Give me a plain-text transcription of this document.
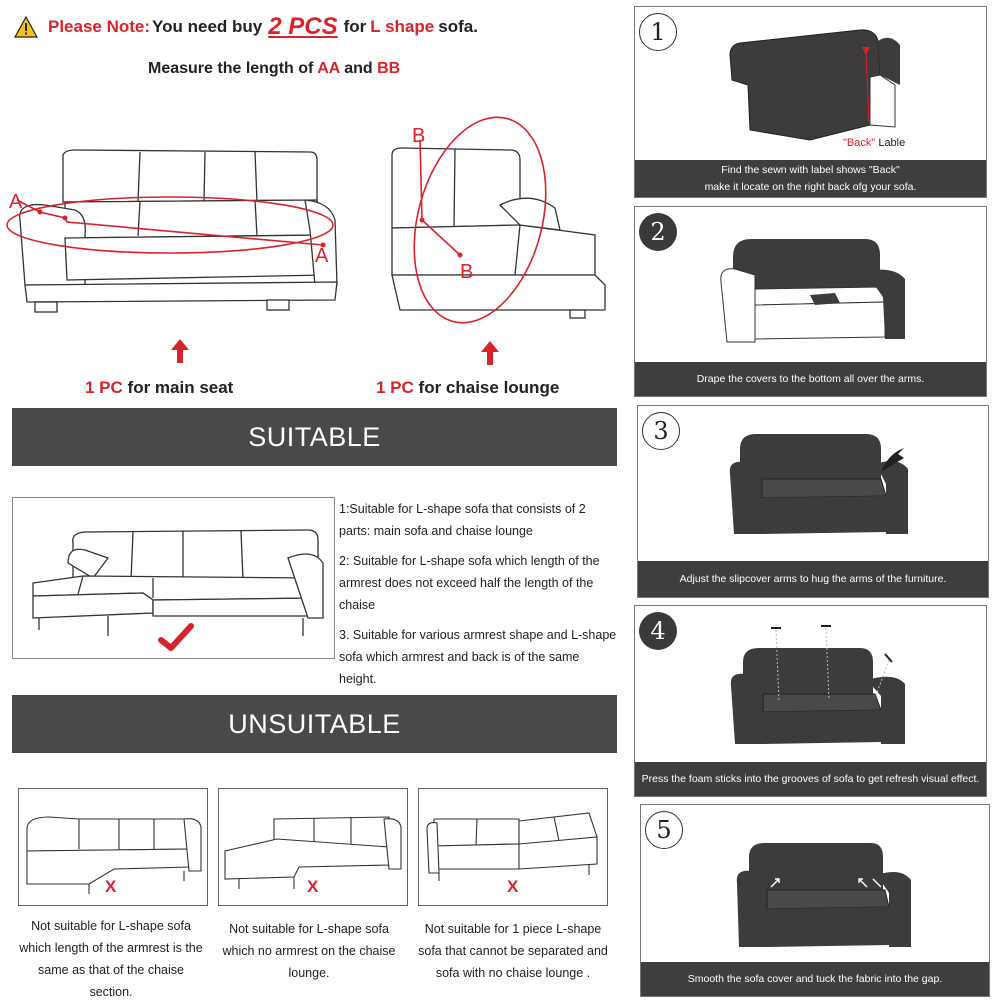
Please Note: You need buy 2 PCS for L shape sofa.
Measure the length of AA and BB
A
A
B
B
1 PC for main seat	1 PC for chaise lounge
SUITABLE

1:Suitable for L-shape sofa that consists of 2 parts: main sofa and chaise lounge

2: Suitable for L-shape sofa which length of the armrest does not exceed half the length of the chaise

3. Suitable for various armrest shape and L-shape sofa which armrest and back is of the same height.

UNSUITABLE
X	X	X
Not suitable for L-shape sofa which length of the armrest is the same as that of the chaise section.
Not suitable for L-shape sofa which no armrest on the chaise lounge.
Not suitable for 1 piece L-shape sofa that cannot be separated and sofa with no chaise lounge .
1
"Back" Lable
Find the sewn with label shows "Back"
make it locate on the right back ofg your sofa.
2
Drape the covers to the bottom all over the arms.
3
Adjust the slipcover arms to hug the arms of the furniture.
4
Press the foam sticks into the grooves of sofa to get refresh visual effect.
5
Smooth the sofa cover and tuck the fabric into the gap.
